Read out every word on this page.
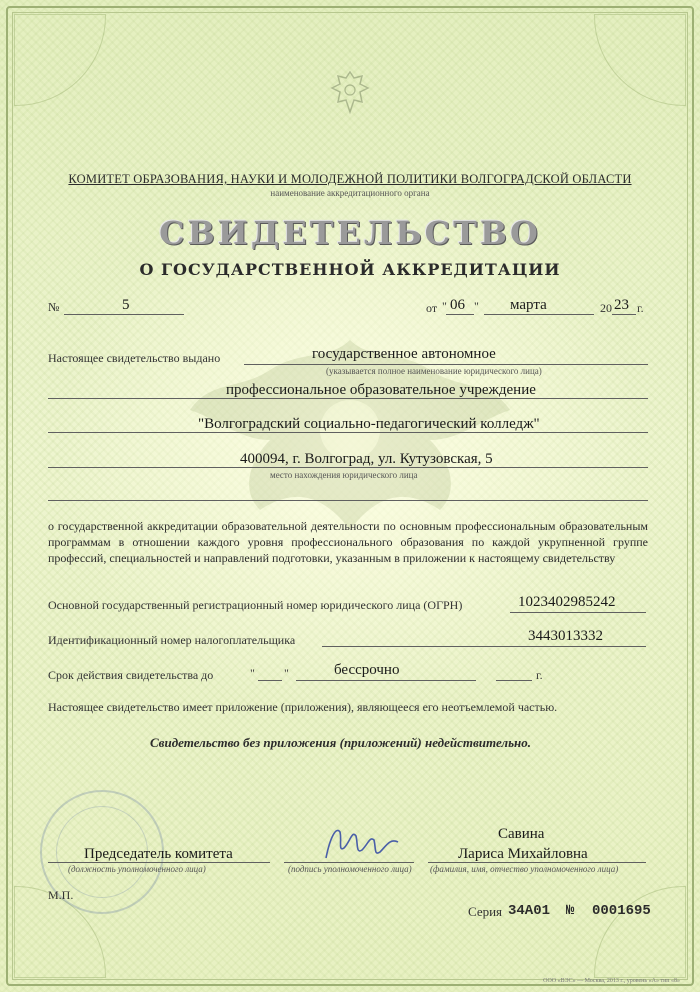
КОМИТЕТ ОБРАЗОВАНИЯ, НАУКИ И МОЛОДЕЖНОЙ ПОЛИТИКИ ВОЛГОГРАДСКОЙ ОБЛАСТИ
наименование аккредитационного органа
СВИДЕТЕЛЬСТВО
О ГОСУДАРСТВЕННОЙ АККРЕДИТАЦИИ
№	5	от " 06 " марта	20 23 г.
Настоящее свидетельство выдано	государственное автономное
(указывается полное наименование юридического лица)
профессиональное образовательное учреждение
"Волгоградский социально-педагогический колледж"
400094, г. Волгоград, ул. Кутузовская, 5
место нахождения юридического лица
о государственной аккредитации образовательной деятельности по основным профессиональным образовательным программам в отношении каждого уровня профессионального образования по каждой укрупненной группе профессий, специальностей и направлений подготовки, указанным в приложении к настоящему свидетельству
Основной государственный регистрационный номер юридического лица (ОГРН)	1023402985242
Идентификационный номер налогоплательщика	3443013332
Срок действия свидетельства до	" "	бессрочно	г.
Настоящее свидетельство имеет приложение (приложения), являющееся его неотъемлемой частью.
Свидетельство без приложения (приложений) недействительно.
Председатель комитета
(должность уполномоченного лица)	(подпись уполномоченного лица)
Савина
Лариса Михайловна
(фамилия, имя, отчество уполномоченного лица)
М.П.
Серия 34А01 № 0001695
ООО «ВЭС» — Москва, 2013 г., уровень «А» тип «8»
